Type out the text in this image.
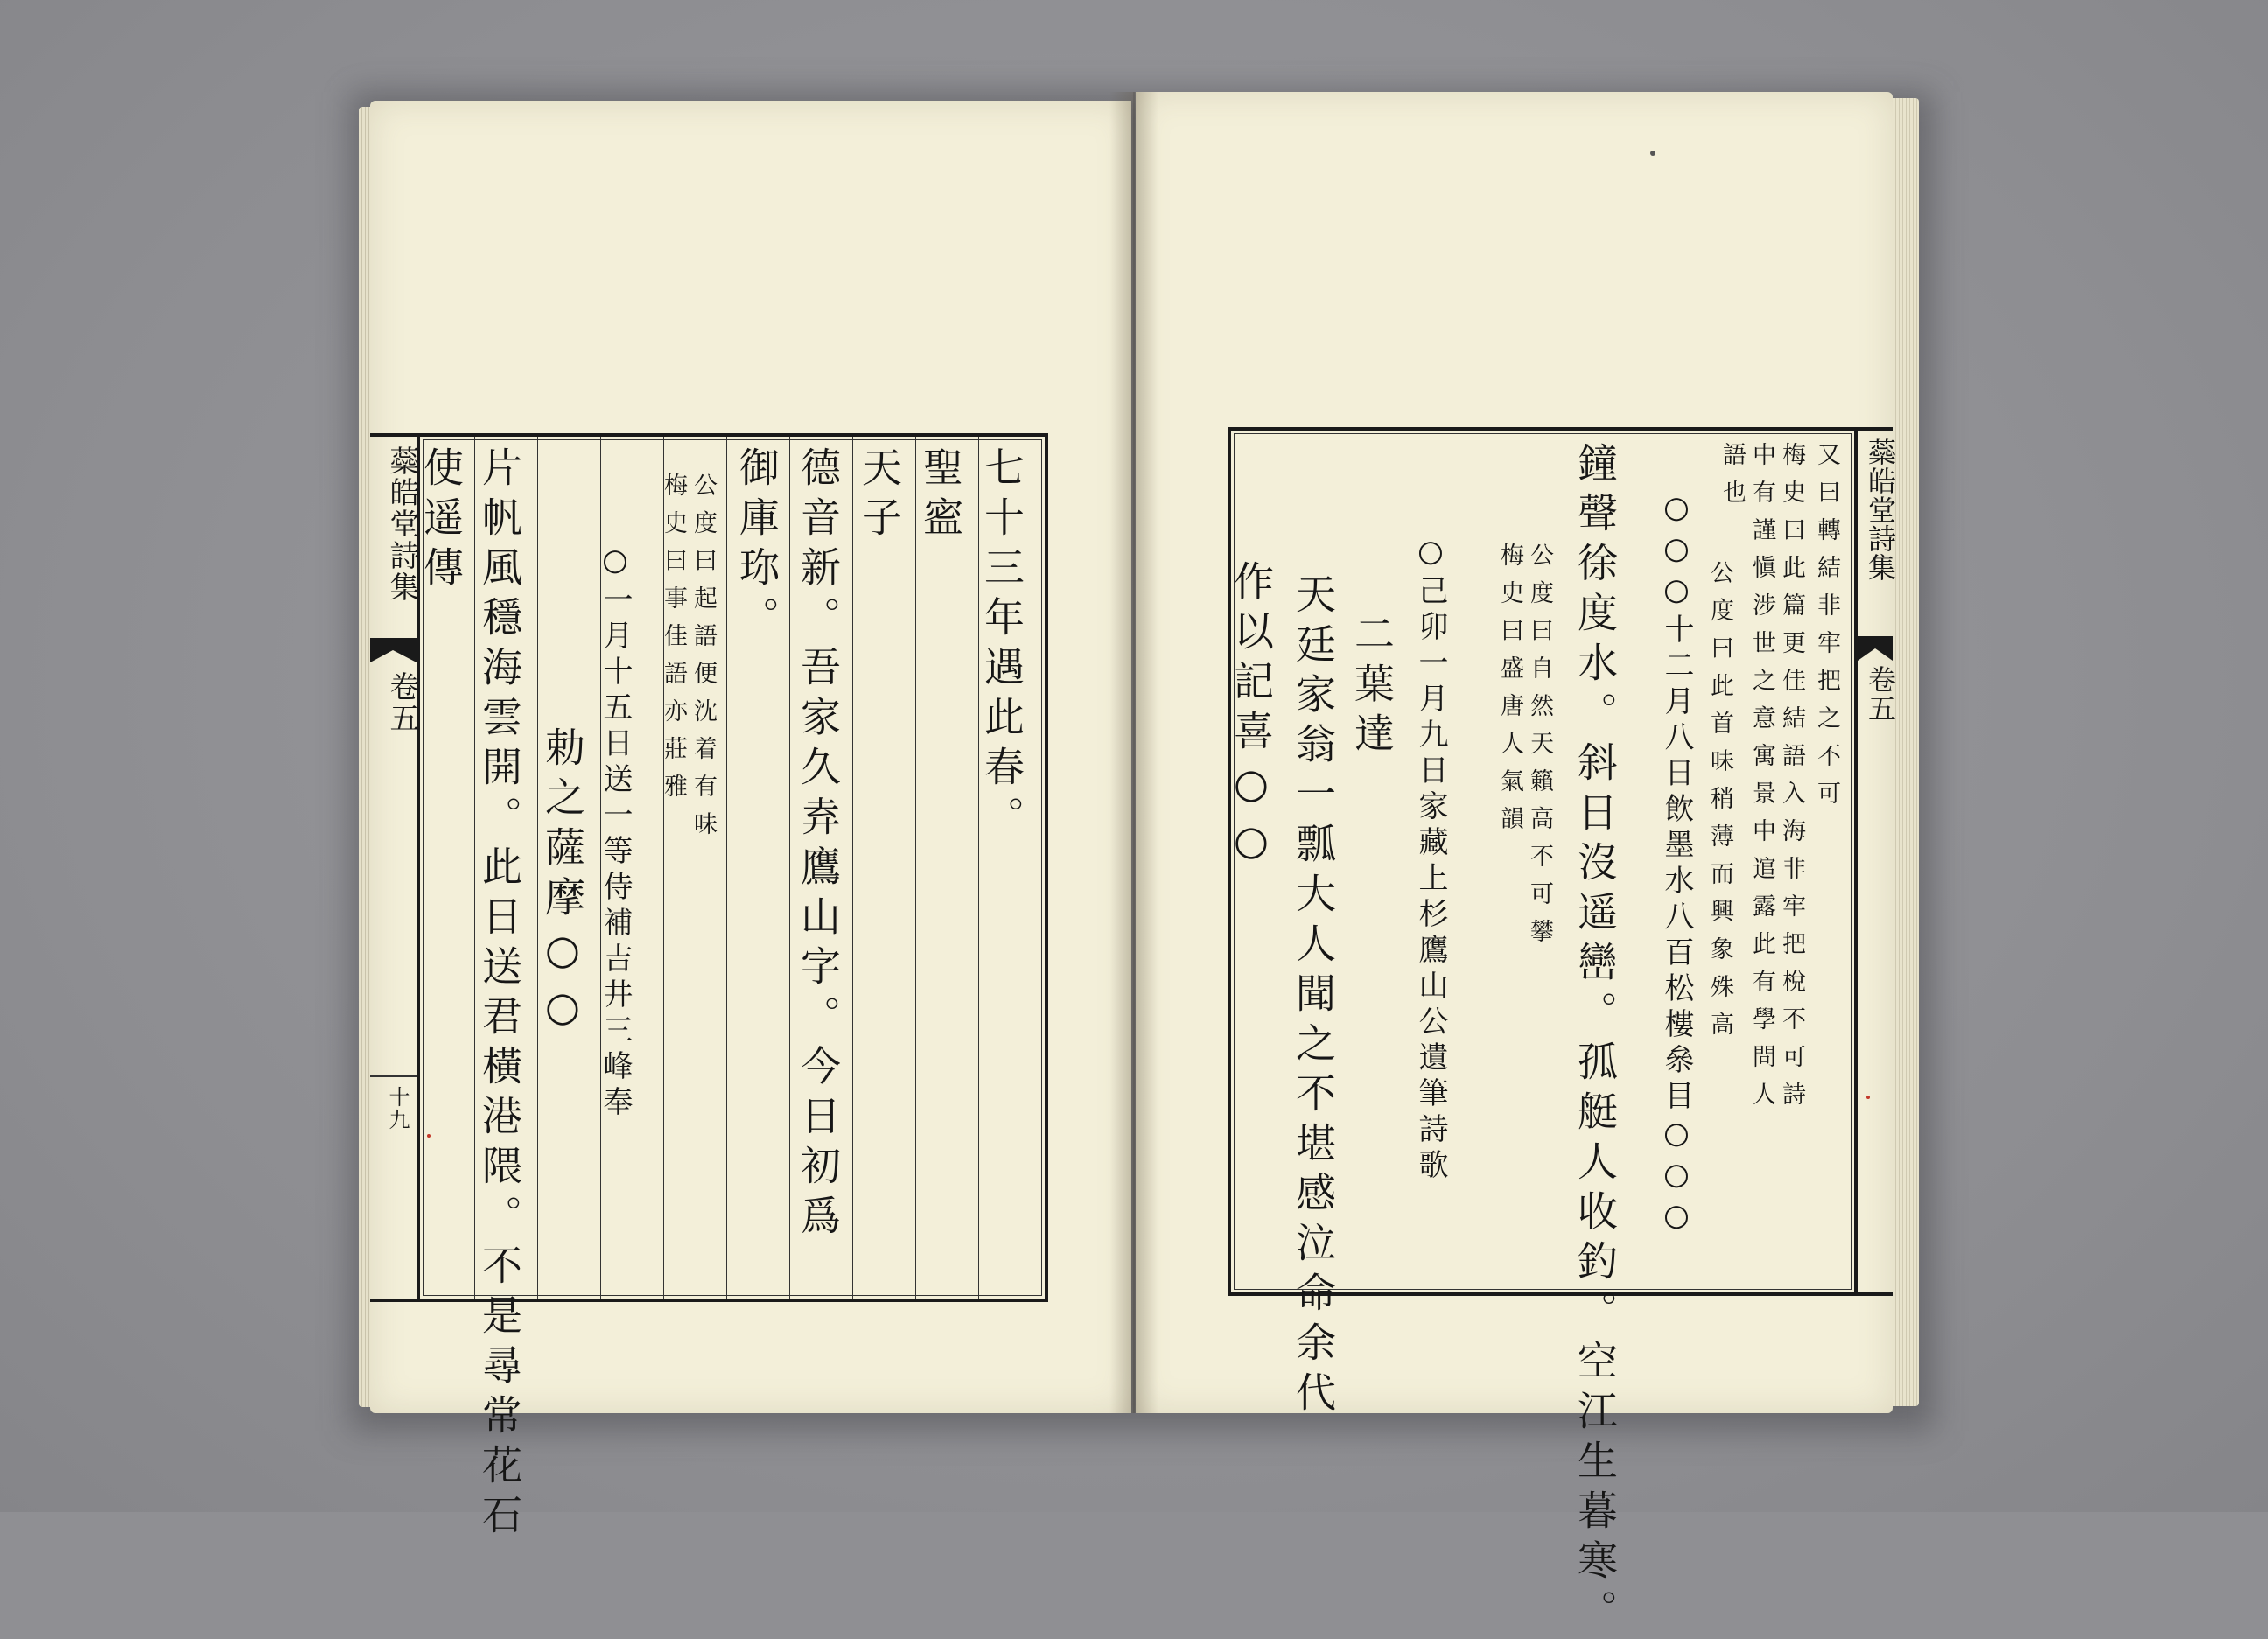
蘂皓堂詩集
卷五
十九
七十三年遇此春。
聖䀄
天子
德音新。吾家久弆鷹山字。今日初爲
御庫珎。
公度曰起語便沈着有味
梅史曰事佳語亦莊雅
○一月十五日送一等侍補吉井三峰奉
勅之薩摩○○
片帆風穩海雲開。此日送君橫港隈。不是尋常花石
使遥傳	又曰轉結非牢把之不可
梅史曰此篇更佳結語入海非牢把梲不可詩
中有謹愼涉世之意寓景中逭露此有學問人
語也
公度曰此首味稍薄而興象殊高
○○○十二月八日飲墨水八百松樓㕘目○○○
鐘聲徐度水。斜日沒遥巒。孤艇人收釣。空江生暮寒。
公度曰自然天籟高不可攀
梅史曰盛唐人氣韻
○己卯一月九日家藏上杉鷹山公遺筆詩歌
二葉達
天廷家翁一瓢大人聞之不堪感泣命余代
作以記喜○○
蘂皓堂詩集
卷五
